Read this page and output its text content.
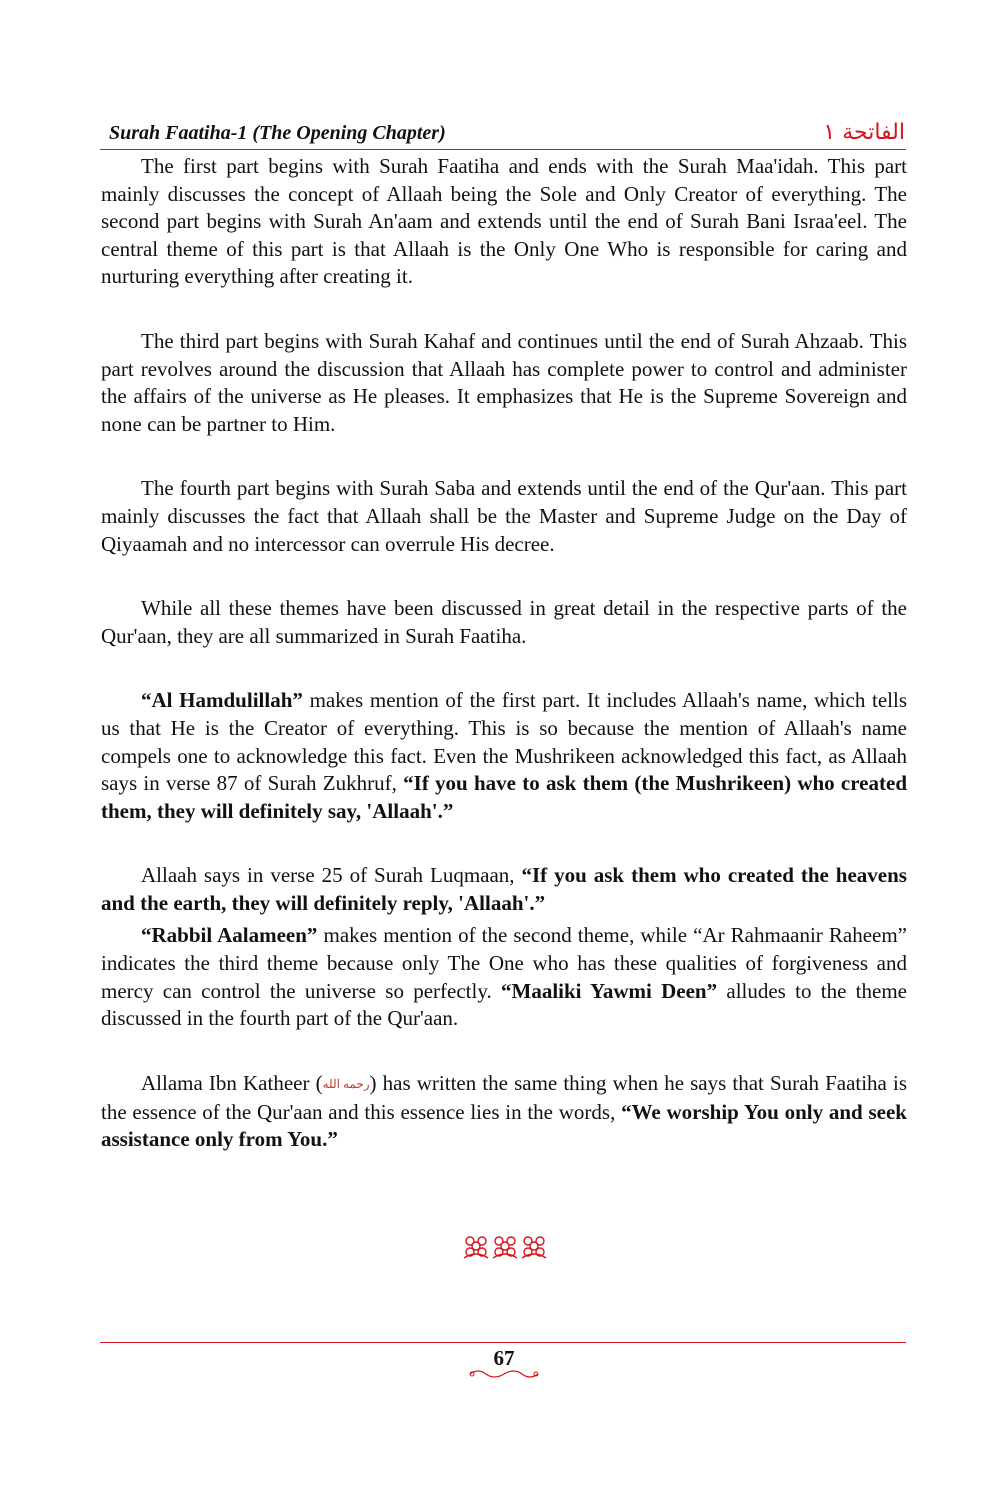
Surah Faatiha-1 (The Opening Chapter)	الفاتحة ١

The first part begins with Surah Faatiha and ends with the Surah Maa'idah. This part mainly discusses the concept of Allaah being the Sole and Only Creator of everything. The second part begins with Surah An'aam and extends until the end of Surah Bani Israa'eel. The central theme of this part is that Allaah is the Only One Who is responsible for caring and nurturing everything after creating it.

The third part begins with Surah Kahaf and continues until the end of Surah Ahzaab. This part revolves around the discussion that Allaah has complete power to control and administer the affairs of the universe as He pleases. It emphasizes that He is the Supreme Sovereign and none can be partner to Him.

The fourth part begins with Surah Saba and extends until the end of the Qur'aan. This part mainly discusses the fact that Allaah shall be the Master and Supreme Judge on the Day of Qiyaamah and no intercessor can overrule His decree.

While all these themes have been discussed in great detail in the respective parts of the Qur'aan, they are all summarized in Surah Faatiha.

“Al Hamdulillah” makes mention of the first part. It includes Allaah's name, which tells us that He is the Creator of everything. This is so because the mention of Allaah's name compels one to acknowledge this fact. Even the Mushrikeen acknowledged this fact, as Allaah says in verse 87 of Surah Zukhruf, “If you have to ask them (the Mushrikeen) who created them, they will definitely say, 'Allaah'.”

Allaah says in verse 25 of Surah Luqmaan, “If you ask them who created the heavens and the earth, they will definitely reply, 'Allaah'.”

“Rabbil Aalameen” makes mention of the second theme, while “Ar Rahmaanir Raheem” indicates the third theme because only The One who has these qualities of forgiveness and mercy can control the universe so perfectly. “Maaliki Yawmi Deen” alludes to the theme discussed in the fourth part of the Qur'aan.

Allama Ibn Katheer (رحمه الله) has written the same thing when he says that Surah Faatiha is the essence of the Qur'aan and this essence lies in the words, “We worship You only and seek assistance only from You.”

67
